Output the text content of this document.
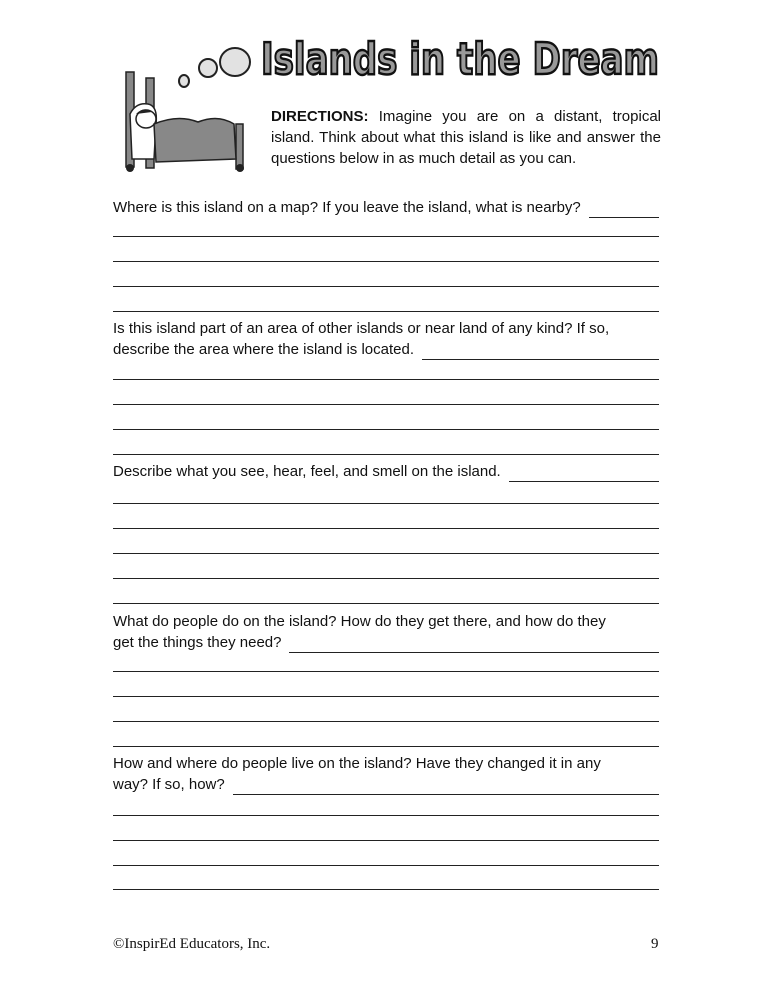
Islands in the Dream
DIRECTIONS: Imagine you are on a distant, tropical island. Think about what this island is like and answer the questions below in as much detail as you can.
Where is this island on a map? If you leave the island, what is nearby?
Is this island part of an area of other islands or near land of any kind? If so,
describe the area where the island is located.
Describe what you see, hear, feel, and smell on the island.
What do people do on the island? How do they get there, and how do they
get the things they need?
How and where do people live on the island? Have they changed it in any
way? If so, how?
©InspirEd Educators, Inc.	9
